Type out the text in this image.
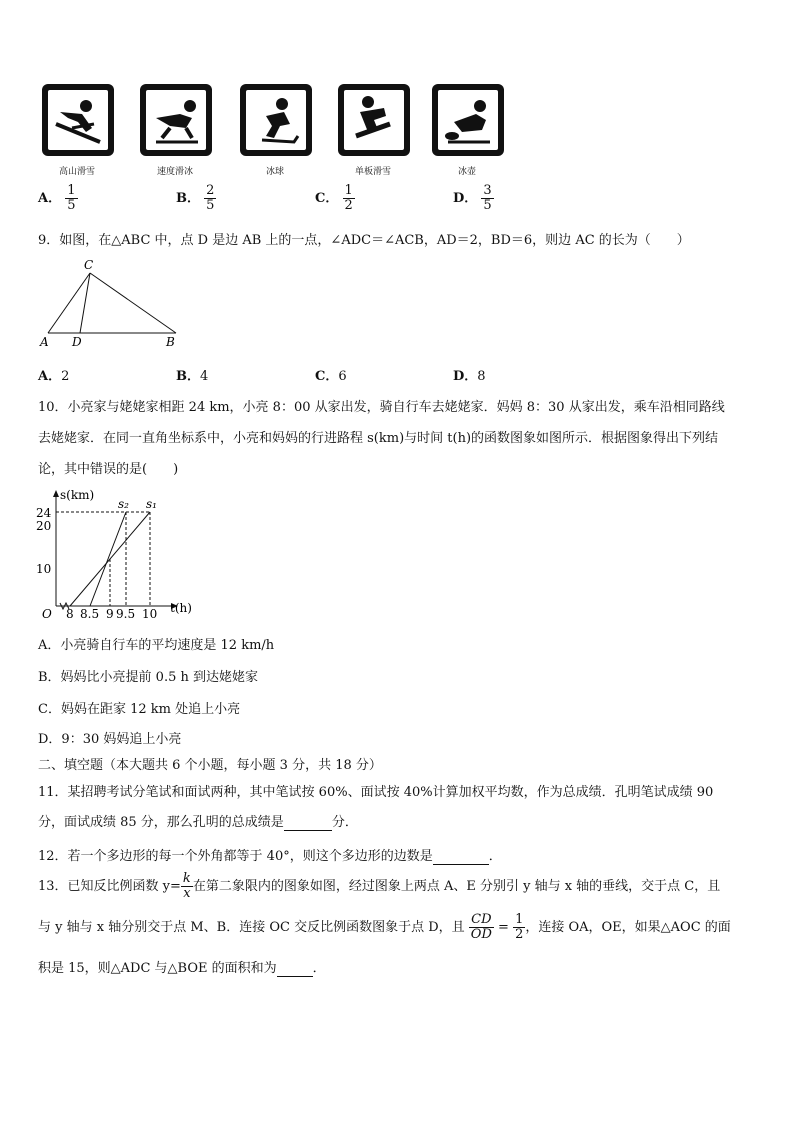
高山滑雪	速度滑冰	冰球	单板滑雪	冰壶
A． $\frac{1}{5}$	B． $\frac{2}{5}$	C． $\frac{1}{2}$	D． $\frac{3}{5}$
9．如图，在△ABC 中，点 D 是边 AB 上的一点，∠ADC＝∠ACB，AD＝2，BD＝6，则边 AC 的长为（　　）
C
A D	B
A．2	B．4	C．6	D．8
10．小亮家与姥姥家相距 24 km，小亮 8：00 从家出发，骑自行车去姥姥家．妈妈 8：30 从家出发，乘车沿相同路线
去姥姥家．在同一直角坐标系中，小亮和妈妈的行进路程 s(km)与时间 t(h)的函数图象如图所示．根据图象得出下列结
论，其中错误的是(　　)
s(km)
24
20
10
O 8 8.5 9 9.5 10 t(h)
s₂ s₁
A．小亮骑自行车的平均速度是 12 km/h
B．妈妈比小亮提前 0.5 h 到达姥姥家
C．妈妈在距家 12 km 处追上小亮
D．9：30 妈妈追上小亮
二、填空题（本大题共 6 个小题，每小题 3 分，共 18 分）
11．某招聘考试分笔试和面试两种，其中笔试按 60%、面试按 40%计算加权平均数，作为总成绩．孔明笔试成绩 90
分，面试成绩 85 分，那么孔明的总成绩是	分．
12．若一个多边形的每一个外角都等于 40°，则这个多边形的边数是	．
13．已知反比例函数 $y= \frac{k}{x}$ 在第二象限内的图象如图，经过图象上两点 A、E 分别引 y 轴与 x 轴的垂线，交于点 C，且
与 y 轴与 x 轴分别交于点 M、B．连接 OC 交反比例函数图象于点 D，且 $\frac{CD}{OD} = \frac{1}{2}$ ，连接 OA，OE，如果△AOC 的面
积是 15，则△ADC 与△BOE 的面积和为	．
